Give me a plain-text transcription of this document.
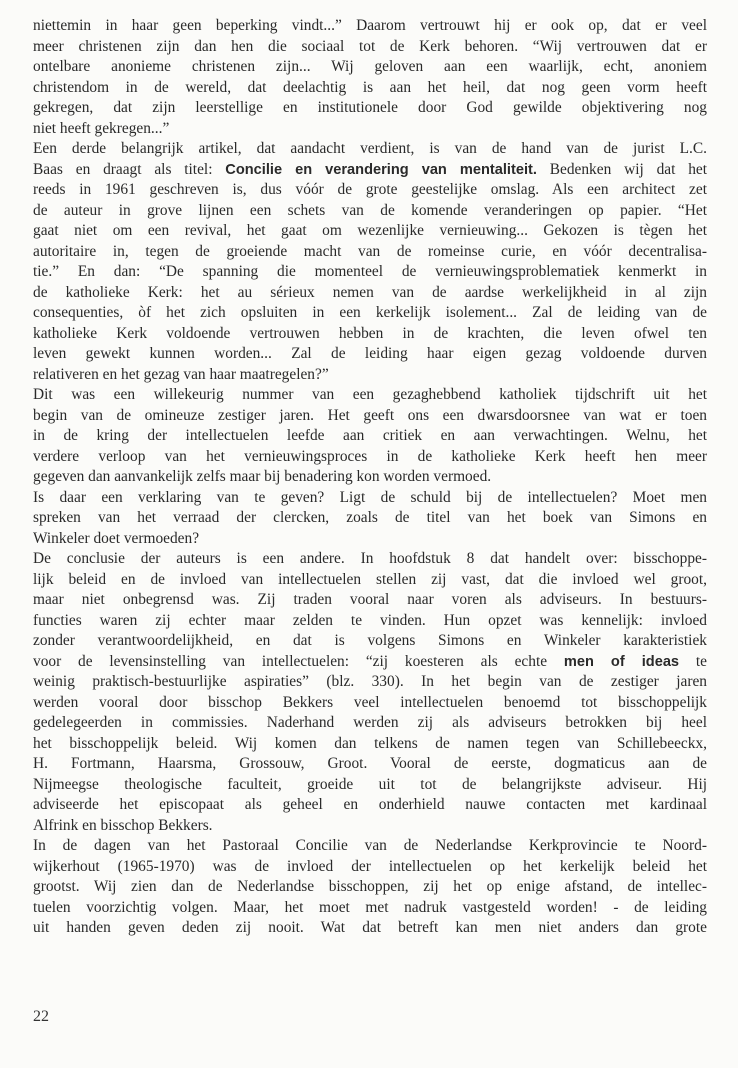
niettemin in haar geen beperking vindt...” Daarom vertrouwt hij er ook op, dat er veel
meer christenen zijn dan hen die sociaal tot de Kerk behoren. “Wij vertrouwen dat er
ontelbare anonieme christenen zijn... Wij geloven aan een waarlijk, echt, anoniem
christendom in de wereld, dat deelachtig is aan het heil, dat nog geen vorm heeft
gekregen, dat zijn leerstellige en institutionele door God gewilde objektivering nog
niet heeft gekregen...”
Een derde belangrijk artikel, dat aandacht verdient, is van de hand van de jurist L.C.
Baas en draagt als titel: Concilie en verandering van mentaliteit. Bedenken wij dat het
reeds in 1961 geschreven is, dus vóór de grote geestelijke omslag. Als een architect zet
de auteur in grove lijnen een schets van de komende veranderingen op papier. “Het
gaat niet om een revival, het gaat om wezenlijke vernieuwing... Gekozen is tègen het
autoritaire in, tegen de groeiende macht van de romeinse curie, en vóór decentralisa-
tie.” En dan: “De spanning die momenteel de vernieuwingsproblematiek kenmerkt in
de katholieke Kerk: het au sérieux nemen van de aardse werkelijkheid in al zijn
consequenties, òf het zich opsluiten in een kerkelijk isolement... Zal de leiding van de
katholieke Kerk voldoende vertrouwen hebben in de krachten, die leven ofwel ten
leven gewekt kunnen worden... Zal de leiding haar eigen gezag voldoende durven
relativeren en het gezag van haar maatregelen?”
Dit was een willekeurig nummer van een gezaghebbend katholiek tijdschrift uit het
begin van de omineuze zestiger jaren. Het geeft ons een dwarsdoorsnee van wat er toen
in de kring der intellectuelen leefde aan critiek en aan verwachtingen. Welnu, het
verdere verloop van het vernieuwingsproces in de katholieke Kerk heeft hen meer
gegeven dan aanvankelijk zelfs maar bij benadering kon worden vermoed.
Is daar een verklaring van te geven? Ligt de schuld bij de intellectuelen? Moet men
spreken van het verraad der clercken, zoals de titel van het boek van Simons en
Winkeler doet vermoeden?
De conclusie der auteurs is een andere. In hoofdstuk 8 dat handelt over: bisschoppe-
lijk beleid en de invloed van intellectuelen stellen zij vast, dat die invloed wel groot,
maar niet onbegrensd was. Zij traden vooral naar voren als adviseurs. In bestuurs-
functies waren zij echter maar zelden te vinden. Hun opzet was kennelijk: invloed
zonder verantwoordelijkheid, en dat is volgens Simons en Winkeler karakteristiek
voor de levensinstelling van intellectuelen: “zij koesteren als echte men of ideas te
weinig praktisch-bestuurlijke aspiraties” (blz. 330). In het begin van de zestiger jaren
werden vooral door bisschop Bekkers veel intellectuelen benoemd tot bisschoppelijk
gedelegeerden in commissies. Naderhand werden zij als adviseurs betrokken bij heel
het bisschoppelijk beleid. Wij komen dan telkens de namen tegen van Schillebeeckx,
H. Fortmann, Haarsma, Grossouw, Groot. Vooral de eerste, dogmaticus aan de
Nijmeegse theologische faculteit, groeide uit tot de belangrijkste adviseur. Hij
adviseerde het episcopaat als geheel en onderhield nauwe contacten met kardinaal
Alfrink en bisschop Bekkers.
In de dagen van het Pastoraal Concilie van de Nederlandse Kerkprovincie te Noord-
wijkerhout (1965-1970) was de invloed der intellectuelen op het kerkelijk beleid het
grootst. Wij zien dan de Nederlandse bisschoppen, zij het op enige afstand, de intellec-
tuelen voorzichtig volgen. Maar, het moet met nadruk vastgesteld worden! - de leiding
uit handen geven deden zij nooit. Wat dat betreft kan men niet anders dan grote
22
